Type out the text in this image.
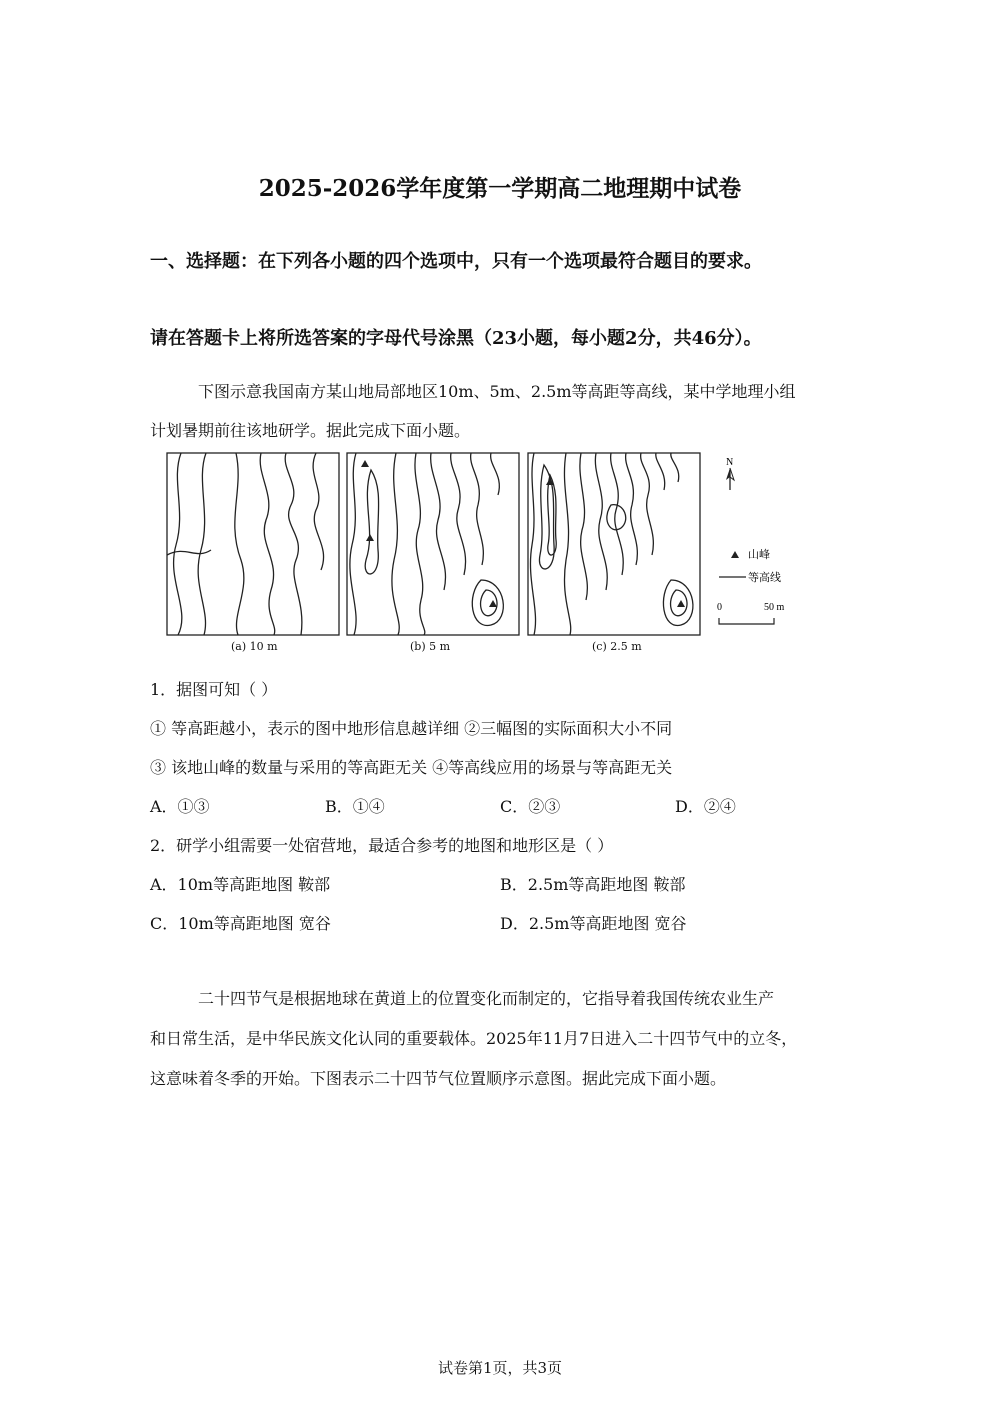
2025-2026学年度第一学期高二地理期中试卷
一、选择题：在下列各小题的四个选项中，只有一个选项最符合题目的要求。
请在答题卡上将所选答案的字母代号涂黑（23小题，每小题2分，共46分）。
下图示意我国南方某山地局部地区10m、5m、2.5m等高距等高线，某中学地理小组
计划暑期前往该地研学。据此完成下面小题。
N
山峰
等高线
0	50 m
(a) 10 m	(b) 5 m	(c) 2.5 m
1．据图可知（ ）
① 等高距越小，表示的图中地形信息越详细 ②三幅图的实际面积大小不同
③ 该地山峰的数量与采用的等高距无关 ④等高线应用的场景与等高距无关
A．①③	B．①④	C．②③	D．②④
2．研学小组需要一处宿营地，最适合参考的地图和地形区是（ ）
A．10m等高距地图 鞍部	B．2.5m等高距地图 鞍部
C．10m等高距地图 宽谷	D．2.5m等高距地图 宽谷
二十四节气是根据地球在黄道上的位置变化而制定的，它指导着我国传统农业生产
和日常生活，是中华民族文化认同的重要载体。2025年11月7日进入二十四节气中的立冬，
这意味着冬季的开始。下图表示二十四节气位置顺序示意图。据此完成下面小题。
试卷第1页，共3页
